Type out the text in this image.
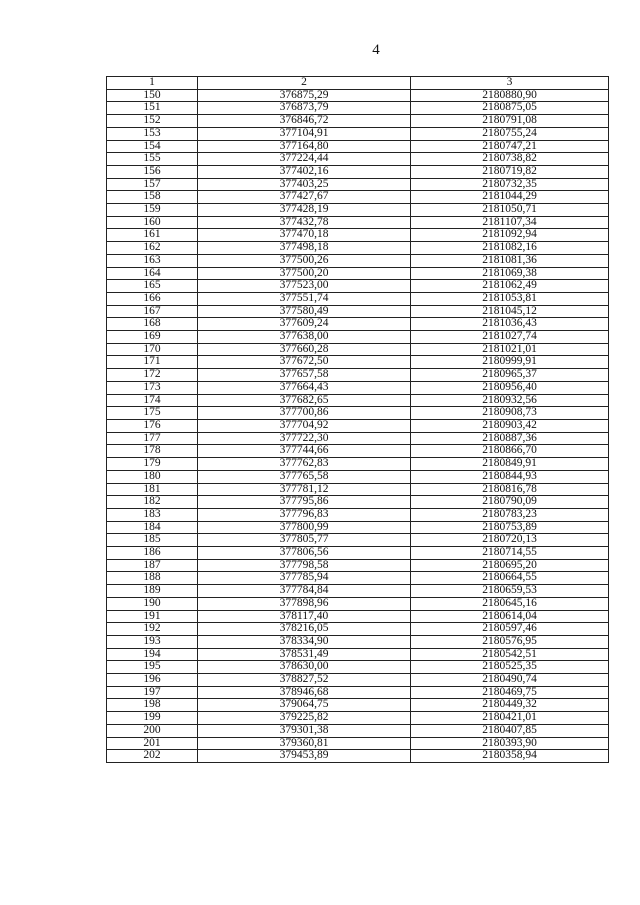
4
1	2	3
150	376875,29	2180880,90
151	376873,79	2180875,05
152	376846,72	2180791,08
153	377104,91	2180755,24
154	377164,80	2180747,21
155	377224,44	2180738,82
156	377402,16	2180719,82
157	377403,25	2180732,35
158	377427,67	2181044,29
159	377428,19	2181050,71
160	377432,78	2181107,34
161	377470,18	2181092,94
162	377498,18	2181082,16
163	377500,26	2181081,36
164	377500,20	2181069,38
165	377523,00	2181062,49
166	377551,74	2181053,81
167	377580,49	2181045,12
168	377609,24	2181036,43
169	377638,00	2181027,74
170	377660,28	2181021,01
171	377672,50	2180999,91
172	377657,58	2180965,37
173	377664,43	2180956,40
174	377682,65	2180932,56
175	377700,86	2180908,73
176	377704,92	2180903,42
177	377722,30	2180887,36
178	377744,66	2180866,70
179	377762,83	2180849,91
180	377765,58	2180844,93
181	377781,12	2180816,78
182	377795,86	2180790,09
183	377796,83	2180783,23
184	377800,99	2180753,89
185	377805,77	2180720,13
186	377806,56	2180714,55
187	377798,58	2180695,20
188	377785,94	2180664,55
189	377784,84	2180659,53
190	377898,96	2180645,16
191	378117,40	2180614,04
192	378216,05	2180597,46
193	378334,90	2180576,95
194	378531,49	2180542,51
195	378630,00	2180525,35
196	378827,52	2180490,74
197	378946,68	2180469,75
198	379064,75	2180449,32
199	379225,82	2180421,01
200	379301,38	2180407,85
201	379360,81	2180393,90
202	379453,89	2180358,94
